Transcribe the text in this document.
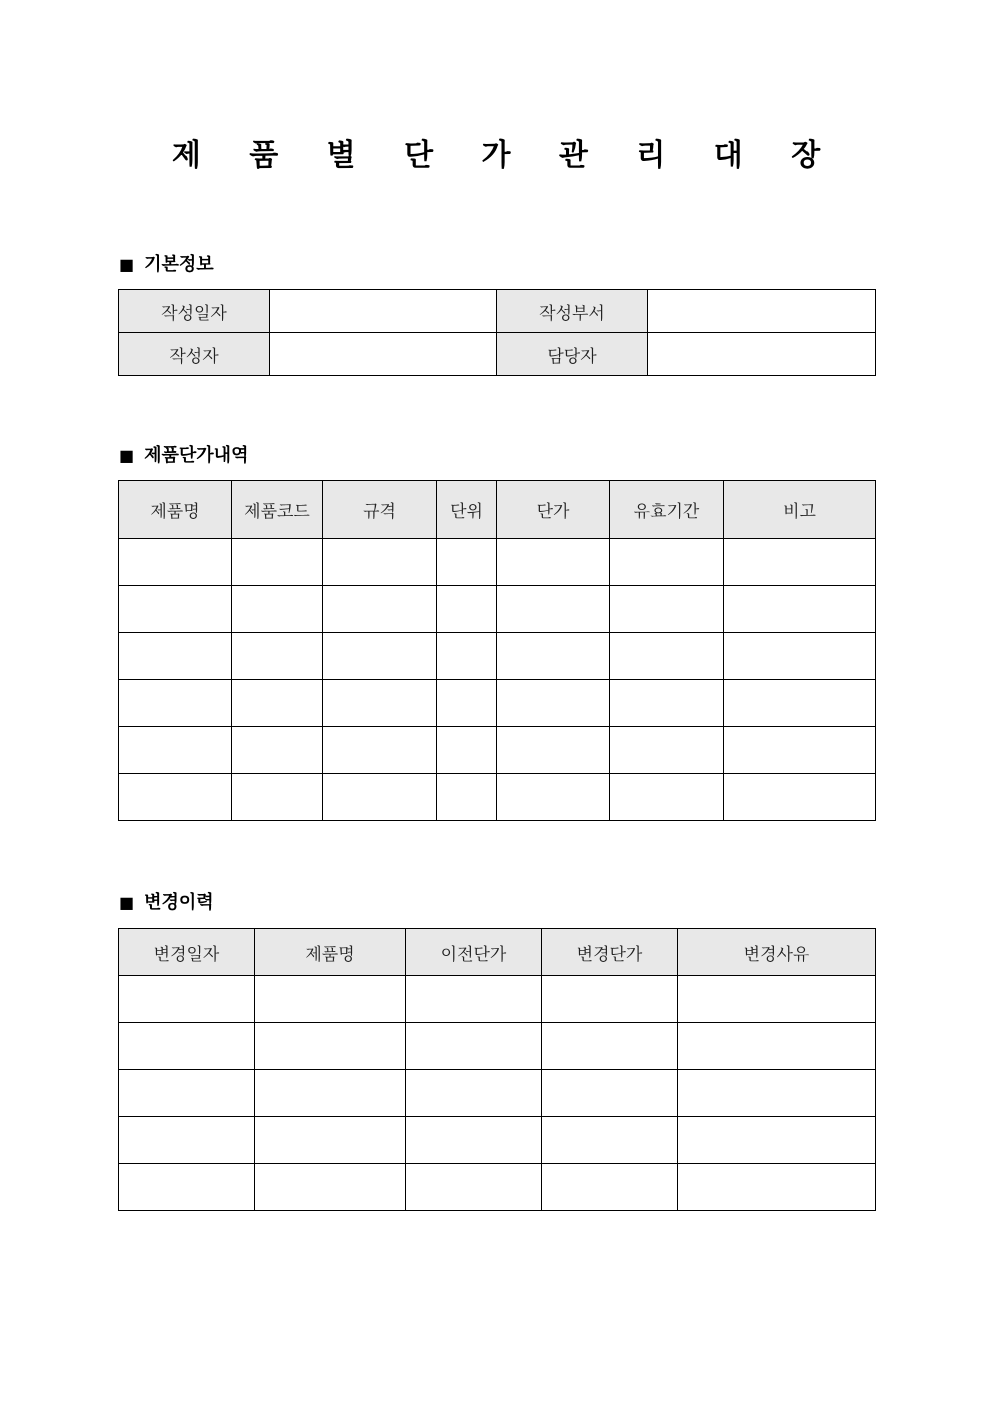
제 품 별 단 가 관 리 대 장
■ 기본정보
작성일자		작성부서	
작성자		담당자	
■ 제품단가내역
제품명	제품코드	규격	단위	단가	유효기간	비고

■ 변경이력
변경일자	제품명	이전단가	변경단가	변경사유
